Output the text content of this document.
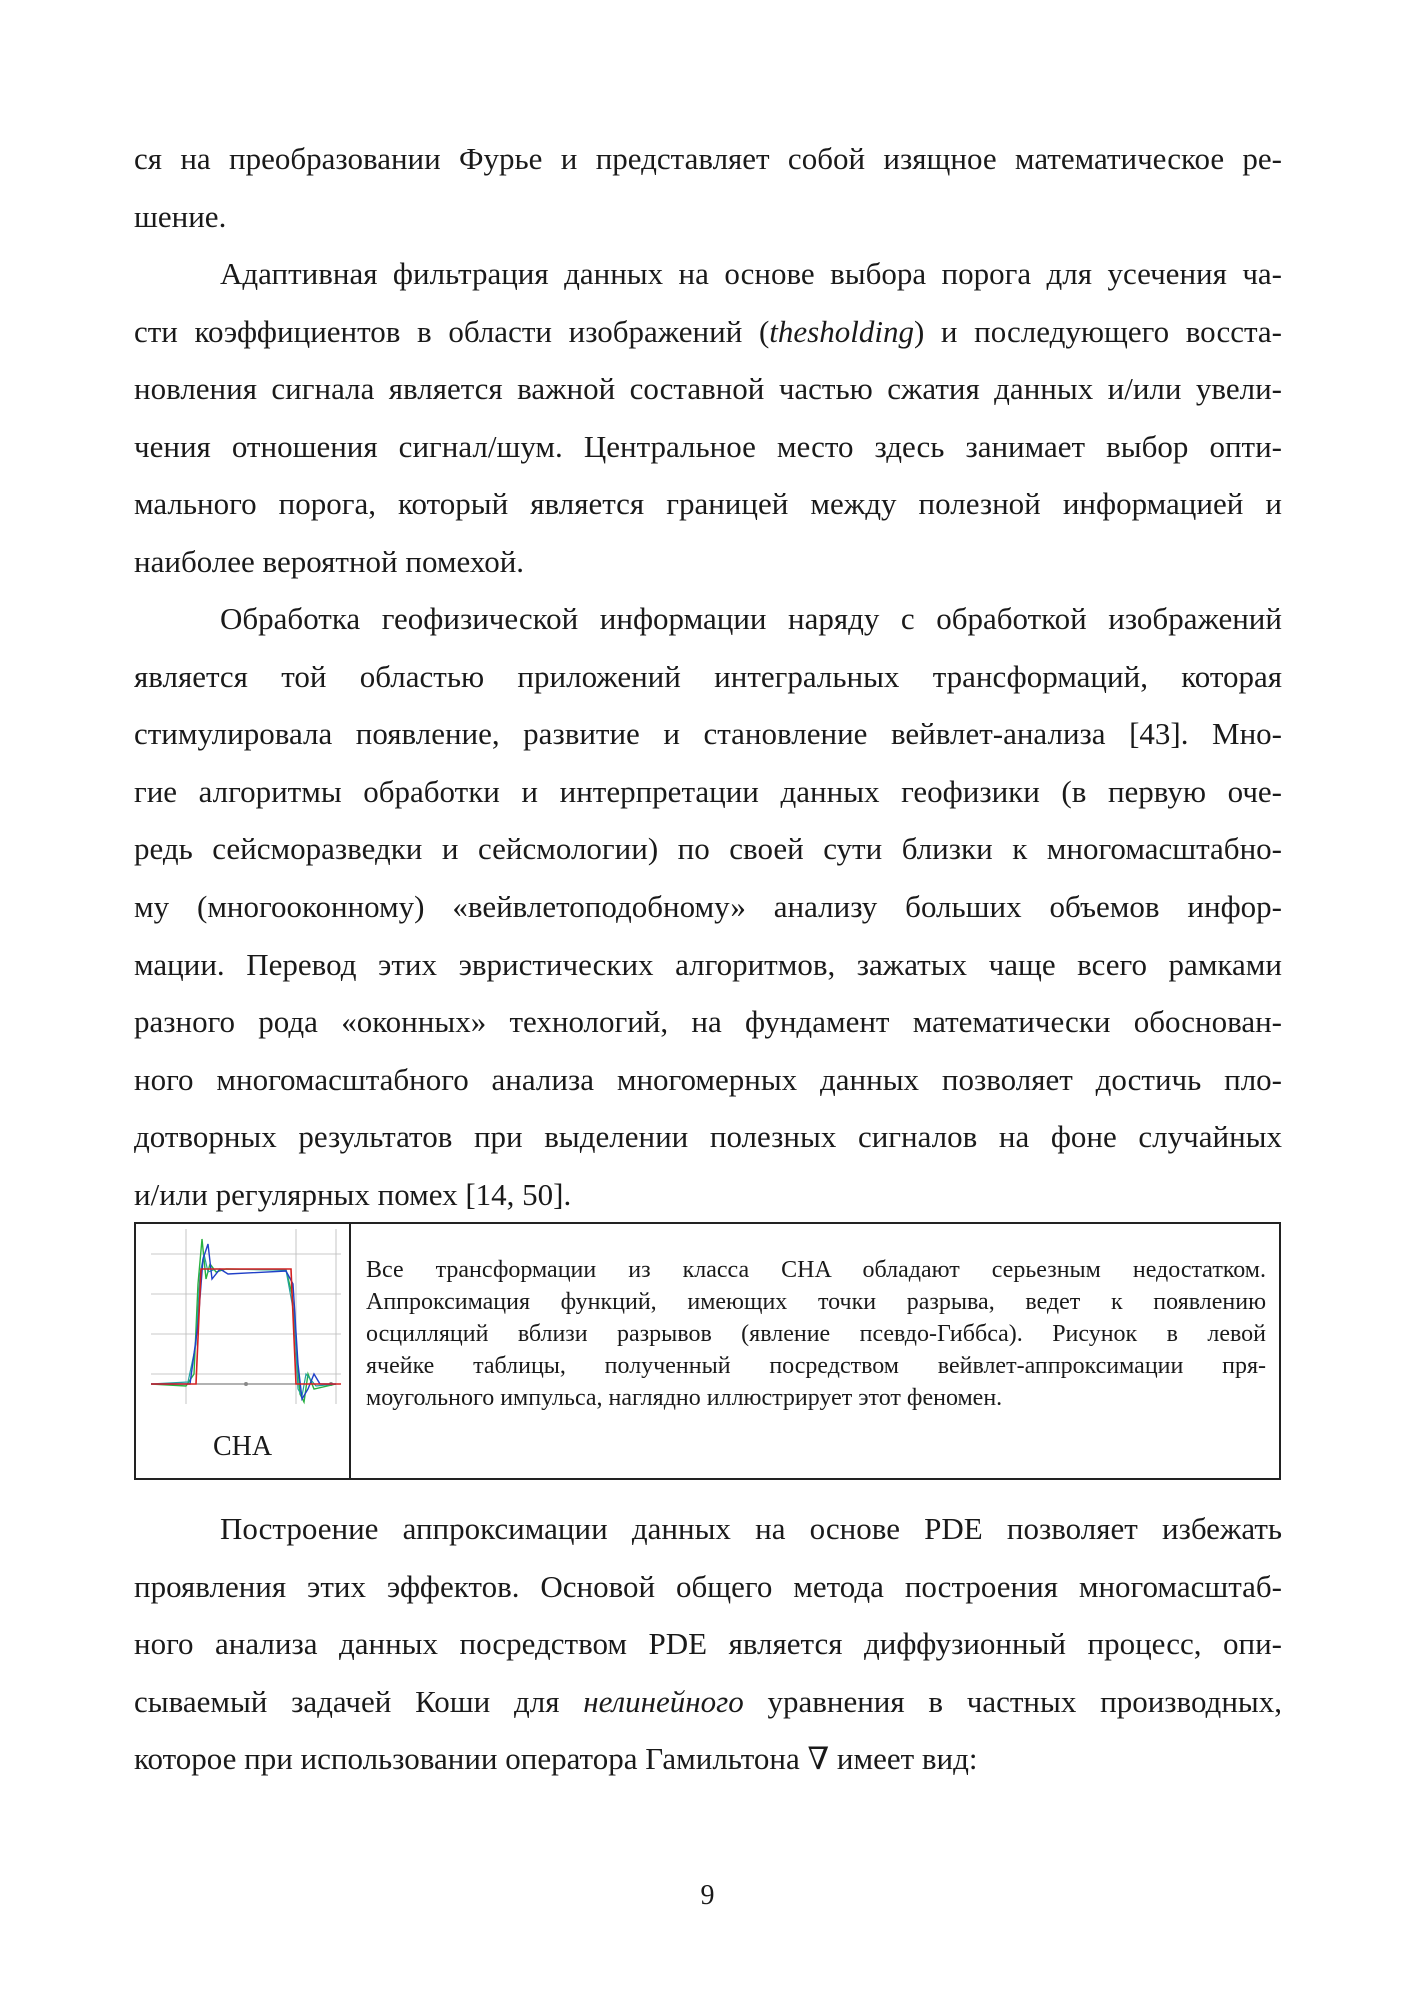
ся на преобразовании Фурье и представляет собой изящное математическое ре-
шение.
Адаптивная фильтрация данных на основе выбора порога для усечения ча-
сти коэффициентов в области изображений (thesholding) и последующего восста-
новления сигнала является важной составной частью сжатия данных и/или увели-
чения отношения сигнал/шум. Центральное место здесь занимает выбор опти-
мального порога, который является границей между полезной информацией и
наиболее вероятной помехой.
Обработка геофизической информации наряду с обработкой изображений
является той областью приложений интегральных трансформаций, которая
стимулировала появление, развитие и становление вейвлет-анализа [43]. Мно-
гие алгоритмы обработки и интерпретации данных геофизики (в первую оче-
редь сейсморазведки и сейсмологии) по своей сути близки к многомасштабно-
му (многооконному) «вейвлетоподобному» анализу больших объемов инфор-
мации. Перевод этих эвристических алгоритмов, зажатых чаще всего рамками
разного рода «оконных» технологий, на фундамент математически обоснован-
ного многомасштабного анализа многомерных данных позволяет достичь пло-
дотворных результатов при выделении полезных сигналов на фоне случайных
и/или регулярных помех [14, 50].
CHA
Все трансформации из класса CHA обладают серьезным недостатком.
Аппроксимация функций, имеющих точки разрыва, ведет к появлению
осцилляций вблизи разрывов (явление псевдо-Гиббса). Рисунок в левой
ячейке таблицы, полученный посредством вейвлет-аппроксимации пря-
моугольного импульса, наглядно иллюстрирует этот феномен.
Построение аппроксимации данных на основе PDE позволяет избежать
проявления этих эффектов. Основой общего метода построения многомасштаб-
ного анализа данных посредством PDE является диффузионный процесс, опи-
сываемый задачей Коши для нелинейного уравнения в частных производных,
которое при использовании оператора Гамильтона ∇ имеет вид:
9
